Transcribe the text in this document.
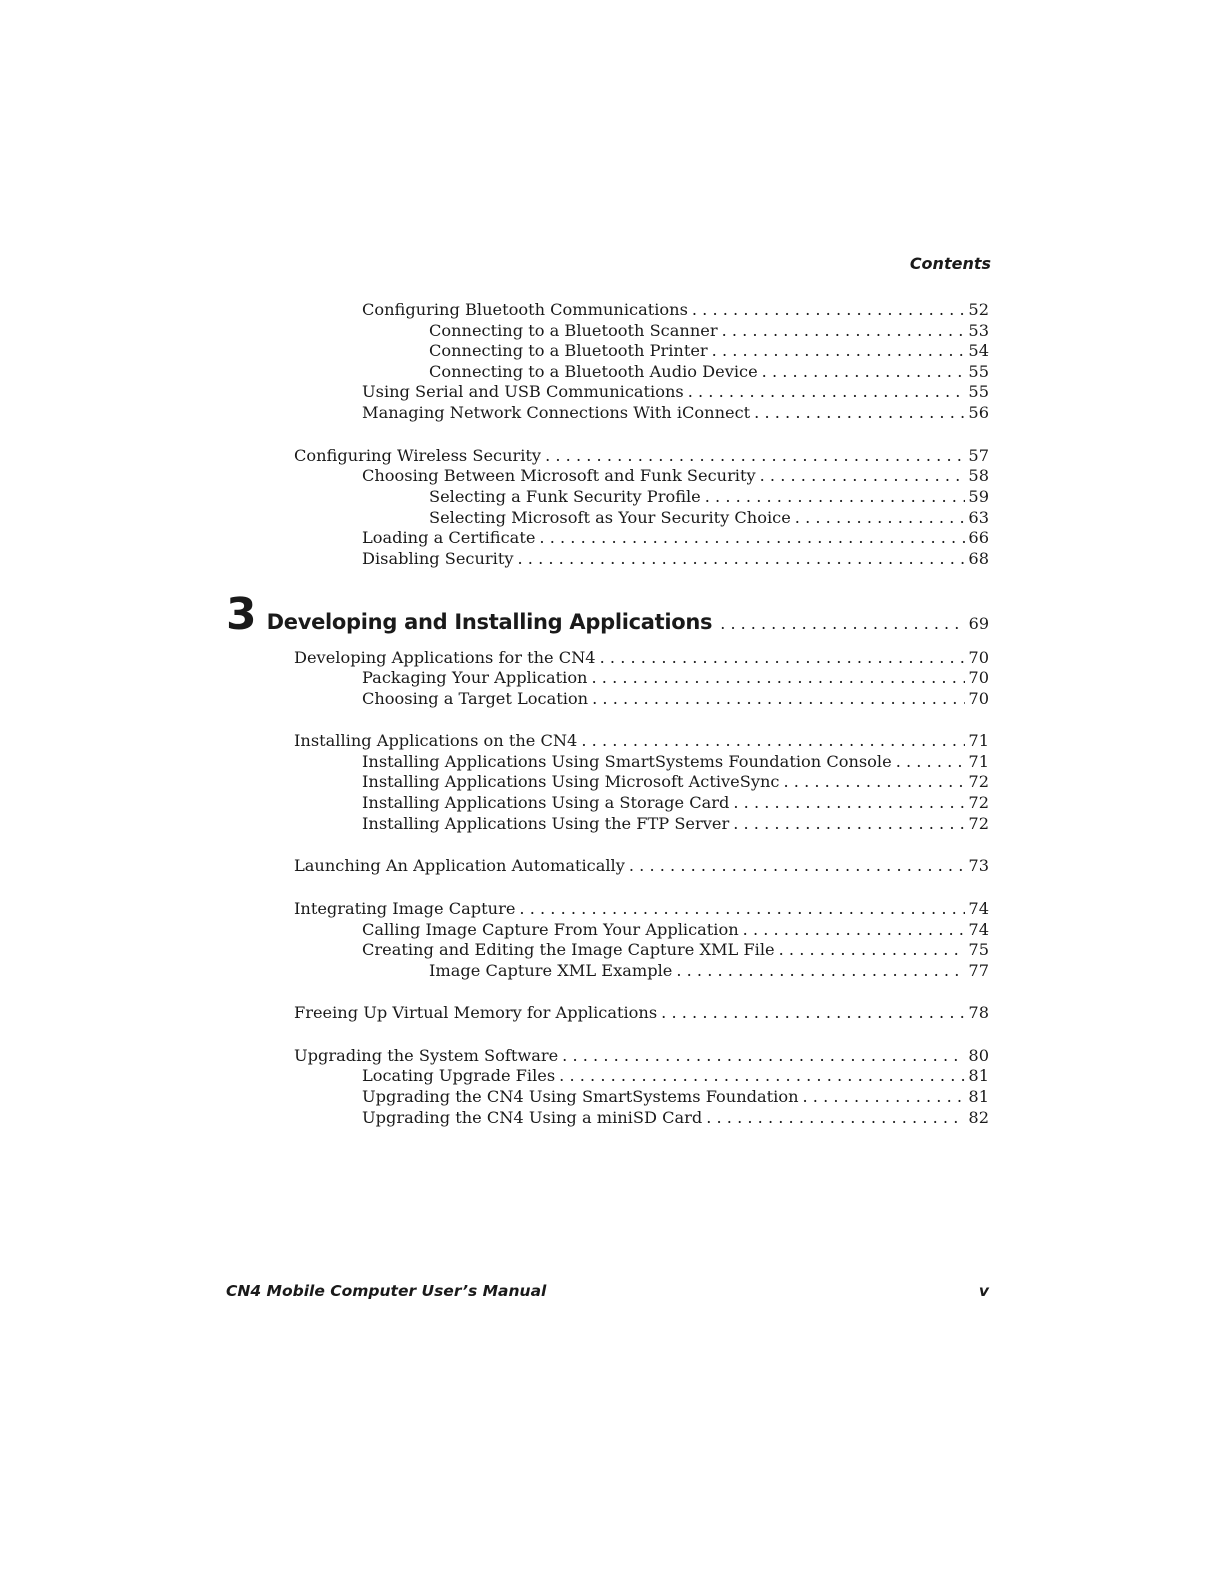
Contents

Configuring Bluetooth Communications . . .	52
Connecting to a Bluetooth Scanner . . .	53
Connecting to a Bluetooth Printer . . .	54
Connecting to a Bluetooth Audio Device . . .	55
Using Serial and USB Communications . . .	55
Managing Network Connections With iConnect . . .	56
Configuring Wireless Security . . .	57
Choosing Between Microsoft and Funk Security . . .	58
Selecting a Funk Security Profile . . .	59
Selecting Microsoft as Your Security Choice . . .	63
Loading a Certificate . . .	66
Disabling Security . . .	68
3 Developing and Installing Applications . . .	69
Developing Applications for the CN4 . . .	70
Packaging Your Application . . .	70
Choosing a Target Location . . .	70
Installing Applications on the CN4 . . .	71
Installing Applications Using SmartSystems Foundation Console . . .	71
Installing Applications Using Microsoft ActiveSync . . .	72
Installing Applications Using a Storage Card . . .	72
Installing Applications Using the FTP Server . . .	72
Launching An Application Automatically . . .	73
Integrating Image Capture . . .	74
Calling Image Capture From Your Application . . .	74
Creating and Editing the Image Capture XML File . . .	75
Image Capture XML Example . . .	77
Freeing Up Virtual Memory for Applications . . .	78
Upgrading the System Software . . .	80
Locating Upgrade Files . . .	81
Upgrading the CN4 Using SmartSystems Foundation . . .	81
Upgrading the CN4 Using a miniSD Card . . .	82

CN4 Mobile Computer User’s Manual	v
